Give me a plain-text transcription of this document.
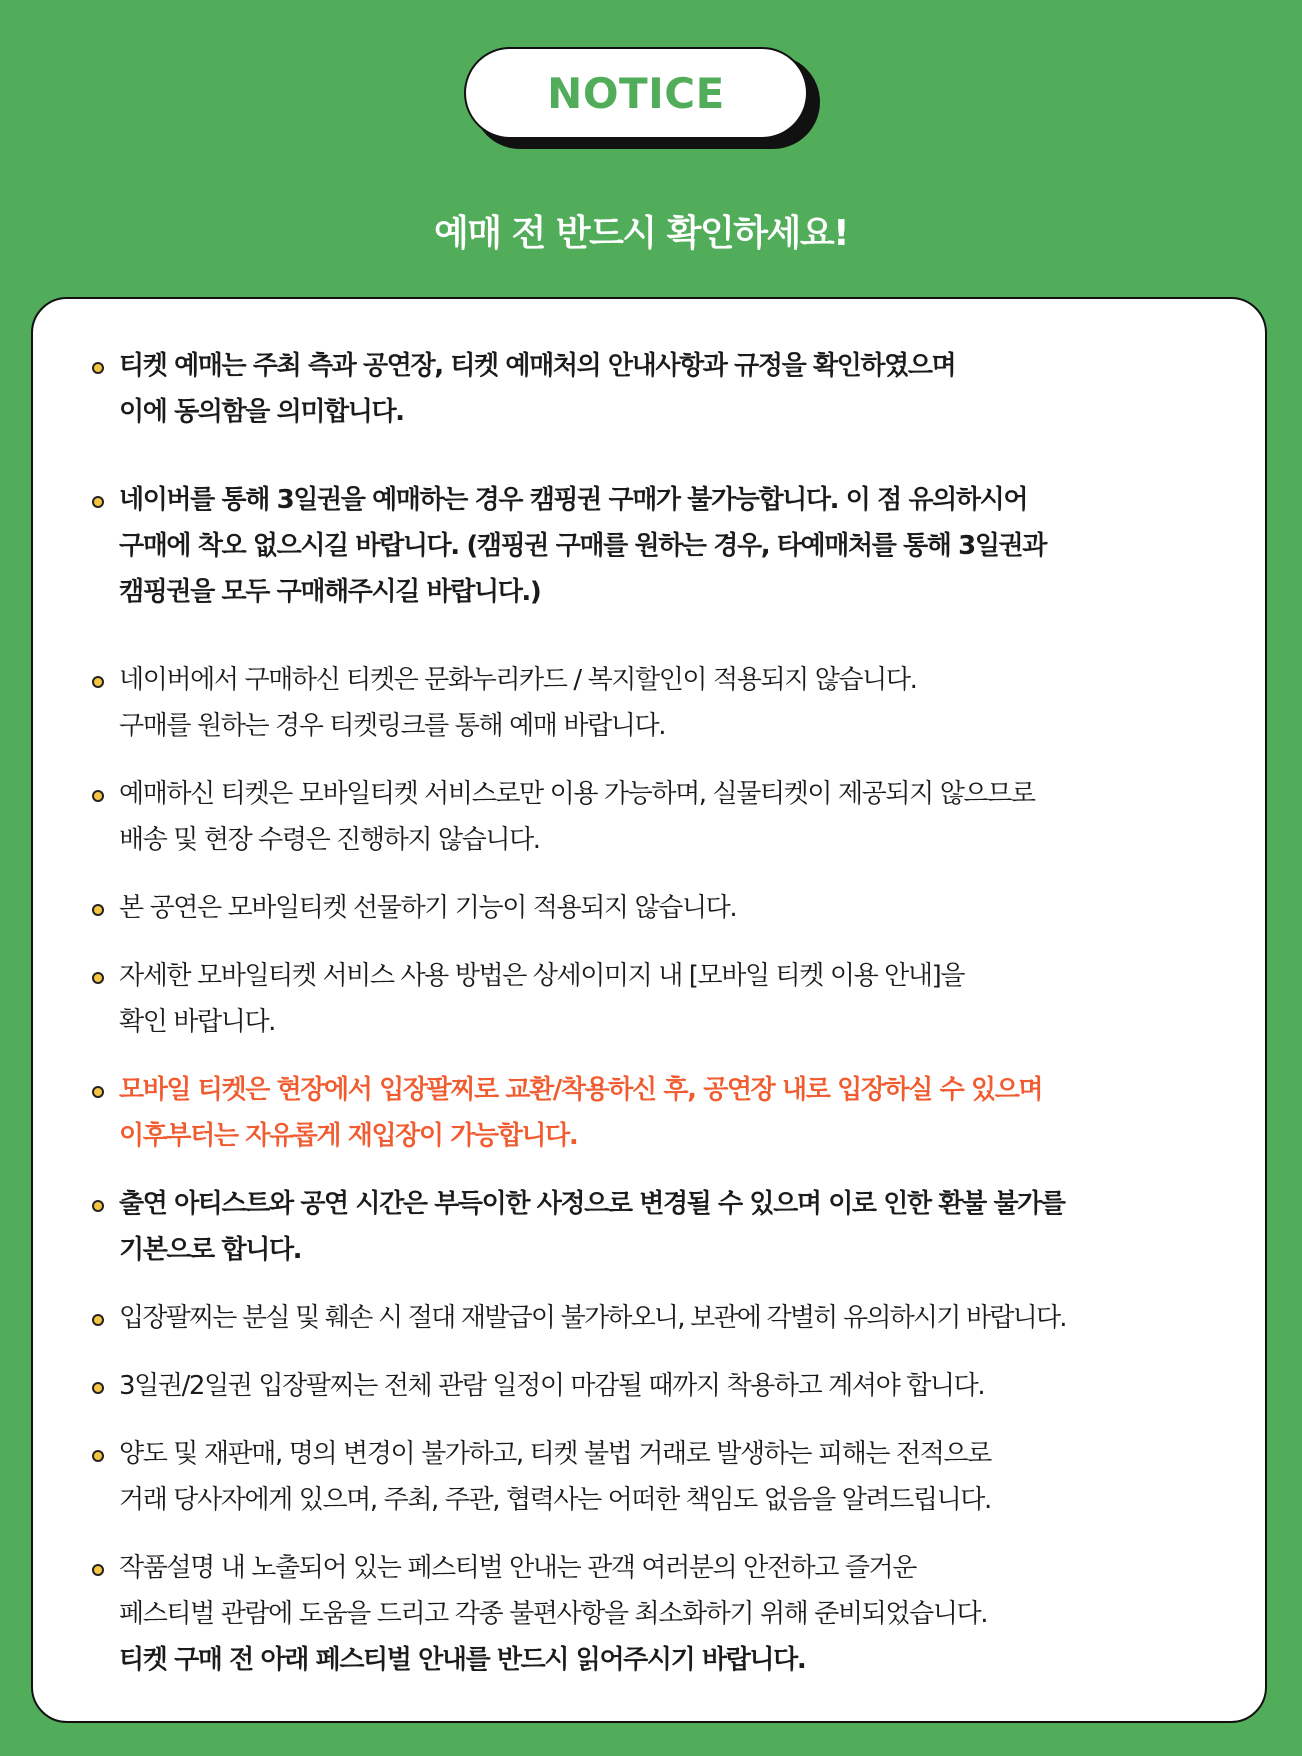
NOTICE
예매 전 반드시 확인하세요!
티켓 예매는 주최 측과 공연장, 티켓 예매처의 안내사항과 규정을 확인하였으며
이에 동의함을 의미합니다.
네이버를 통해 3일권을 예매하는 경우 캠핑권 구매가 불가능합니다. 이 점 유의하시어
구매에 착오 없으시길 바랍니다. (캠핑권 구매를 원하는 경우, 타예매처를 통해 3일권과
캠핑권을 모두 구매해주시길 바랍니다.)
네이버에서 구매하신 티켓은 문화누리카드 / 복지할인이 적용되지 않습니다.
구매를 원하는 경우 티켓링크를 통해 예매 바랍니다.
예매하신 티켓은 모바일티켓 서비스로만 이용 가능하며, 실물티켓이 제공되지 않으므로
배송 및 현장 수령은 진행하지 않습니다.
본 공연은 모바일티켓 선물하기 기능이 적용되지 않습니다.
자세한 모바일티켓 서비스 사용 방법은 상세이미지 내 [모바일 티켓 이용 안내]을
확인 바랍니다.
모바일 티켓은 현장에서 입장팔찌로 교환/착용하신 후, 공연장 내로 입장하실 수 있으며
이후부터는 자유롭게 재입장이 가능합니다.
출연 아티스트와 공연 시간은 부득이한 사정으로 변경될 수 있으며 이로 인한 환불 불가를
기본으로 합니다.
입장팔찌는 분실 및 훼손 시 절대 재발급이 불가하오니, 보관에 각별히 유의하시기 바랍니다.
3일권/2일권 입장팔찌는 전체 관람 일정이 마감될 때까지 착용하고 계셔야 합니다.
양도 및 재판매, 명의 변경이 불가하고, 티켓 불법 거래로 발생하는 피해는 전적으로
거래 당사자에게 있으며, 주최, 주관, 협력사는 어떠한 책임도 없음을 알려드립니다.
작품설명 내 노출되어 있는 페스티벌 안내는 관객 여러분의 안전하고 즐거운
페스티벌 관람에 도움을 드리고 각종 불편사항을 최소화하기 위해 준비되었습니다.
티켓 구매 전 아래 페스티벌 안내를 반드시 읽어주시기 바랍니다.
